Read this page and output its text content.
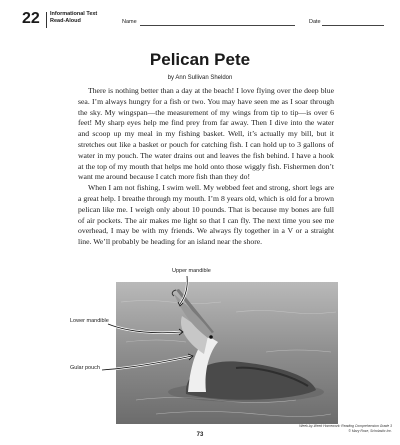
22 Informational Text
Read-Aloud	Name	Date
Pelican Pete
by Ann Sullivan Sheldon

There is nothing better than a day at the beach! I love flying over the deep blue sea. I’m always hungry for a fish or two. You may have seen me as I soar through the sky. My wingspan—the measurement of my wings from tip to tip—is over 6 feet! My sharp eyes help me find prey from far away. Then I dive into the water and scoop up my meal in my fishing basket. Well, it’s actually my bill, but it stretches out like a basket or pouch for catching fish. I can hold up to 3 gallons of water in my pouch. The water drains out and leaves the fish behind. I have a hook at the top of my mouth that helps me hold onto those wiggly fish. Fishermen don’t want me around because I catch more fish than they do!

When I am not fishing, I swim well. My webbed feet and strong, short legs are a great help. I breathe through my mouth. I’m 8 years old, which is old for a brown pelican like me. I weigh only about 10 pounds. That is because my bones are full of air pockets. The air makes me light so that I can fly. The next time you see me overhead, I may be with my friends. We always fly together in a V or a straight line. We’ll probably be heading for an island near the shore.

Upper mandible
Lower mandible
Gular pouch
Week-by-Week Homework: Reading Comprehension Grade 3
© Mary Rose, Scholastic Inc.
73
